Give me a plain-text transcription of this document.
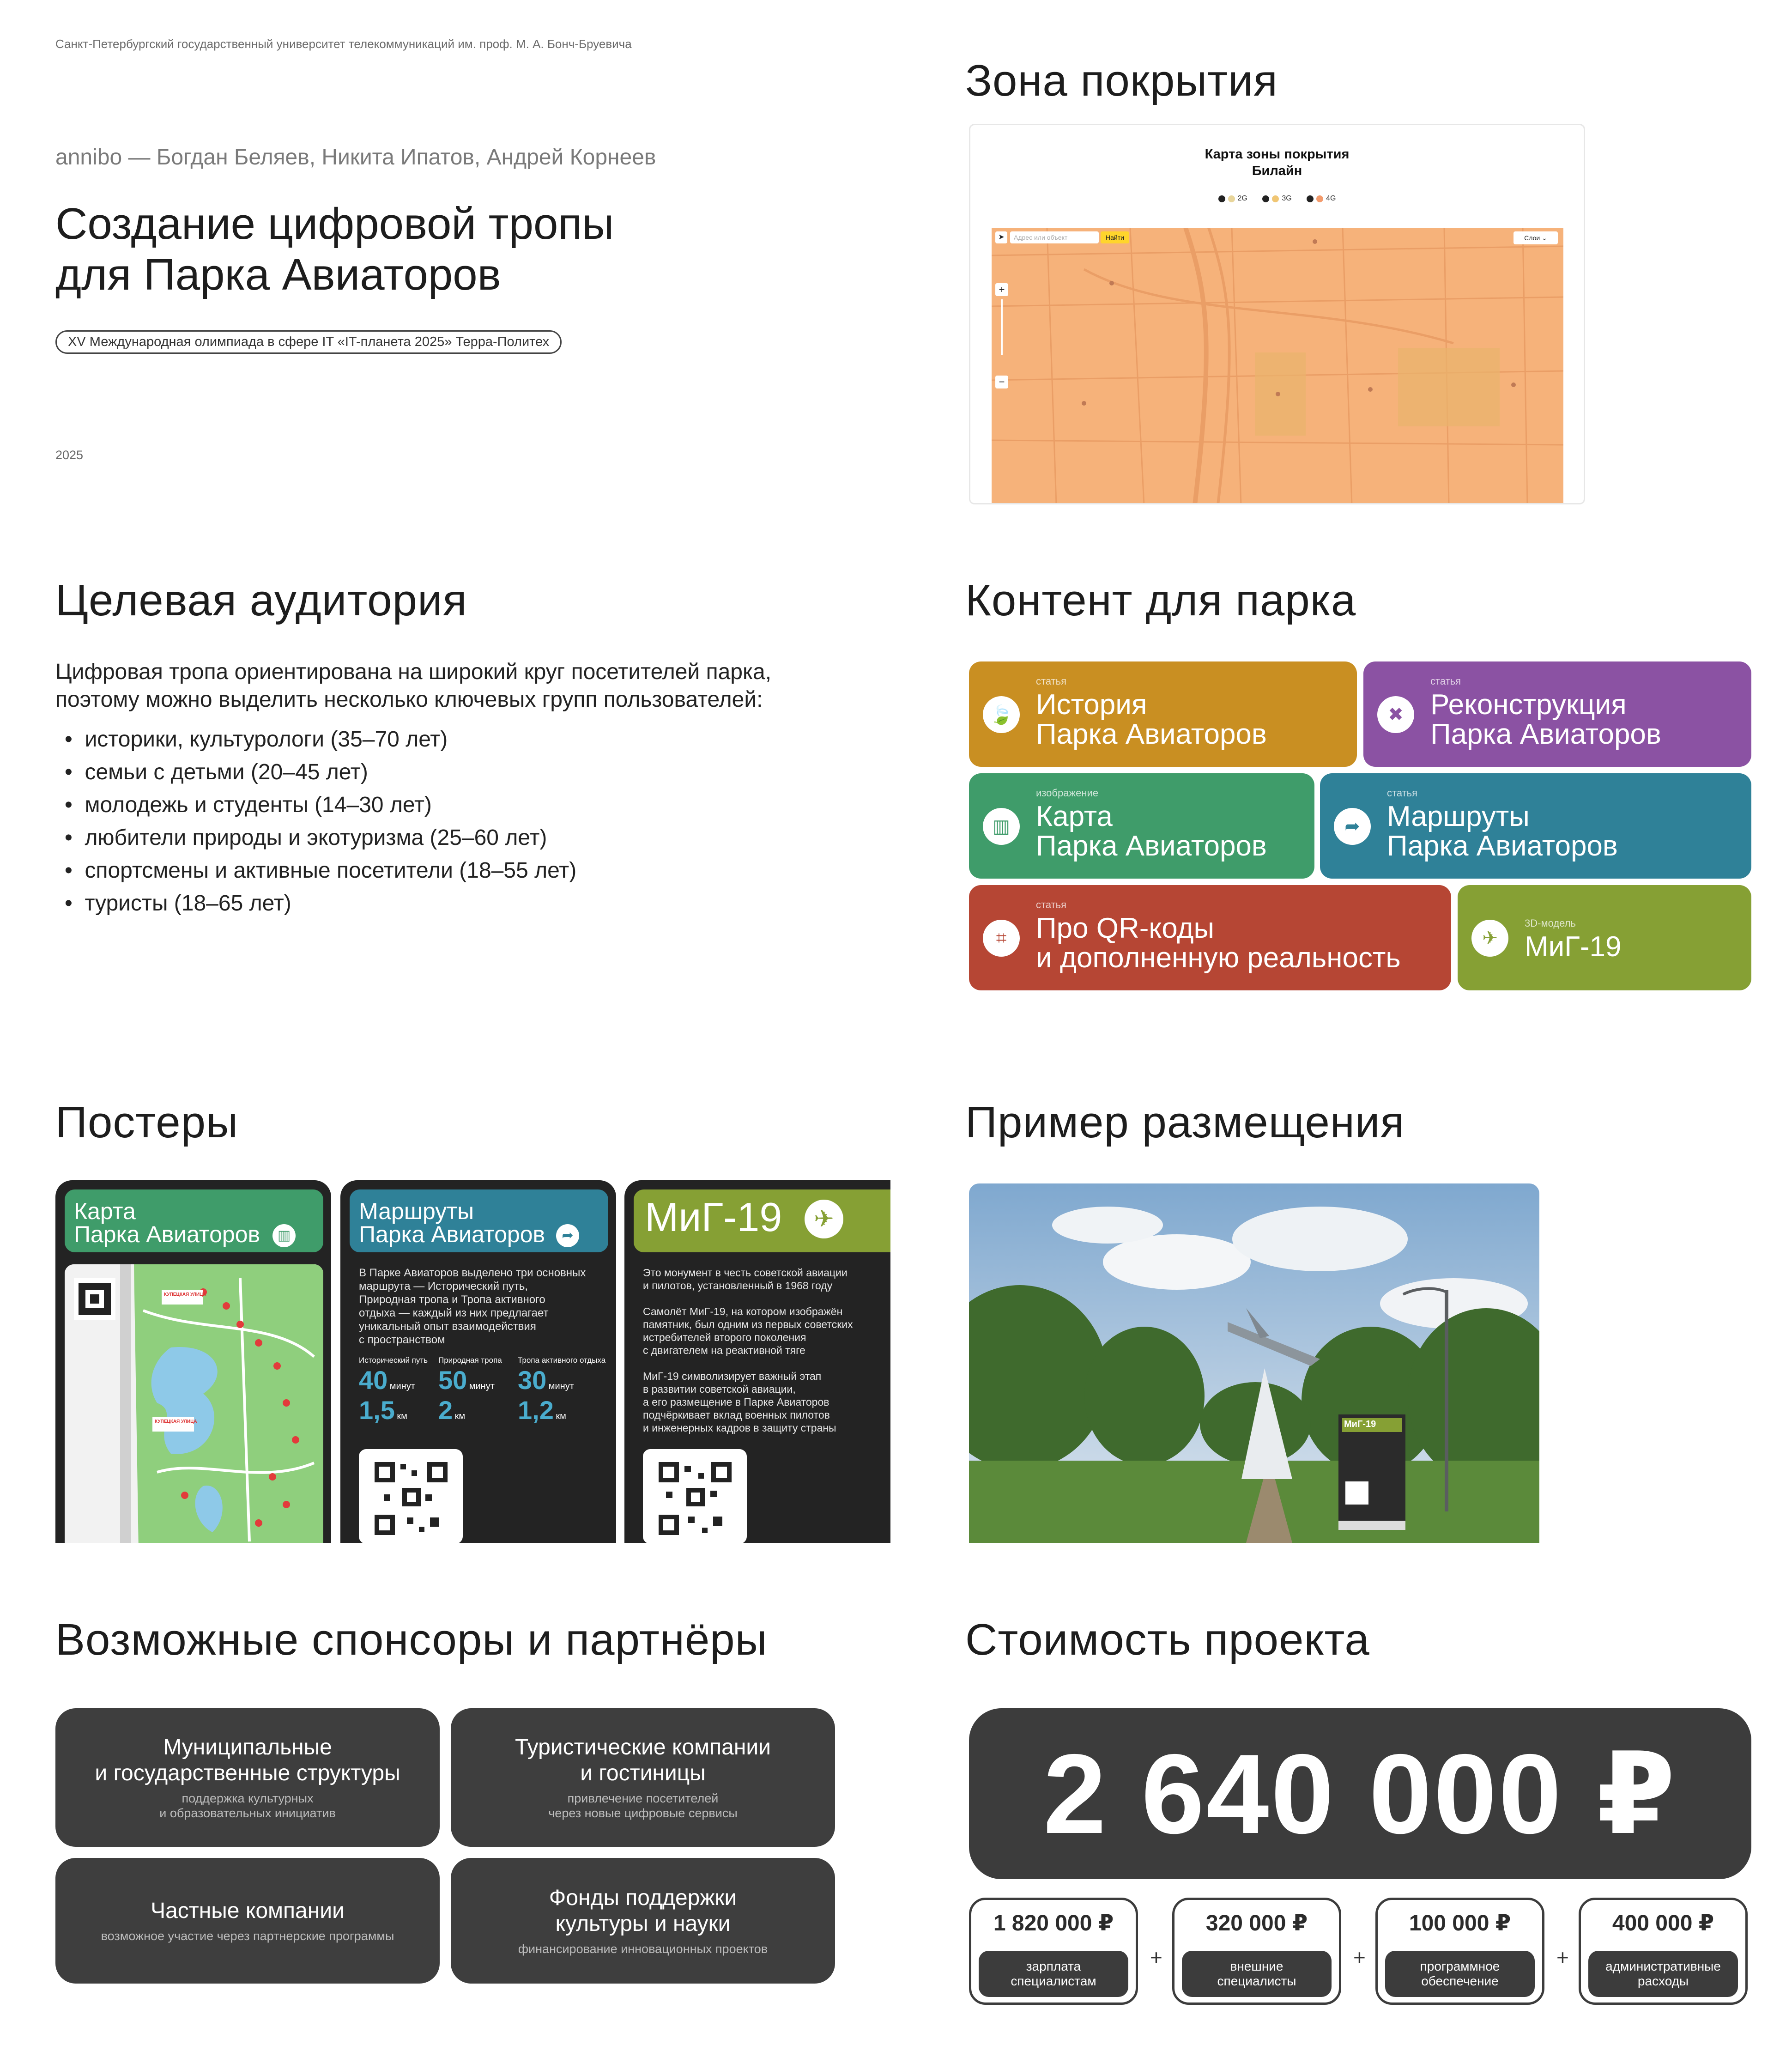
Санкт-Петербургский государственный университет телекоммуникаций им. проф. М. А. Бонч-Бруевича
annibo — Богдан Беляев, Никита Ипатов, Андрей Корнеев
Создание цифровой тропы
для Парка Авиаторов
XV Международная олимпиада в сфере IT «IT-планета 2025» Терра-Политех
2025
Зона покрытия
Карта зоны покрытия
Билайн
2G
	3G
	4G
➤	Адрес или объект	Найти	Слои ⌄
+
−
Целевая аудитория
Цифровая тропа ориентирована на широкий круг посетителей парка, поэтому можно выделить несколько ключевых групп пользователей:
•  историки, культурологи (35–70 лет)
•  семьи с детьми (20–45 лет)
•  молодежь и студенты (14–30 лет)
•  любители природы и экотуризма (25–60 лет)
•  спортсмены и активные посетители (18–55 лет)
•  туристы (18–65 лет)
Контент для парка
🍃
статья
История
Парка Авиаторов
✖
статья
Реконструкция
Парка Авиаторов
▥
изображение
Карта
Парка Авиаторов
➦
статья
Маршруты
Парка Авиаторов
⌗
статья
Про QR-коды
и дополненную реальность
✈
3D-модель
МиГ-19
Постеры
Карта
Парка Авиаторов	▥
КУПЕЦКАЯ УЛИЦА
КУПЕЦКАЯ УЛИЦА
Маршруты
Парка Авиаторов	➦
В Парке Авиаторов выделено три основных
маршрута — Исторический путь,
Природная тропа и Тропа активного
отдыха — каждый из них предлагает
уникальный опыт взаимодействия
с пространством
Исторический путь
40 минут
1,5 км
Природная тропа
50 минут
2 км
Тропа активного отдыха
30 минут
1,2 км
МиГ-19	✈
Это монумент в честь советской авиации
и пилотов, установленный в 1968 году

Самолёт МиГ-19, на котором изображён
памятник, был одним из первых советских
истребителей второго поколения
с двигателем на реактивной тяге

МиГ-19 символизирует важный этап
в развитии советской авиации,
а его размещение в Парке Авиаторов
подчёркивает вклад военных пилотов
и инженерных кадров в защиту страны
Пример размещения
МиГ-19
Возможные спонсоры и партнёры
Муниципальные
и государственные структуры
поддержка культурных
и образовательных инициатив
Туристические компании
и гостиницы
привлечение посетителей
через новые цифровые сервисы
Частные компании
возможное участие через партнерские программы
Фонды поддержки
культуры и науки
финансирование инновационных проектов
Стоимость проекта
2 640 000 ₽
1 820 000 ₽
зарплата
специалистам
+
320 000 ₽
внешние
специалисты
+
100 000 ₽
программное
обеспечение
+
400 000 ₽
административные
расходы
